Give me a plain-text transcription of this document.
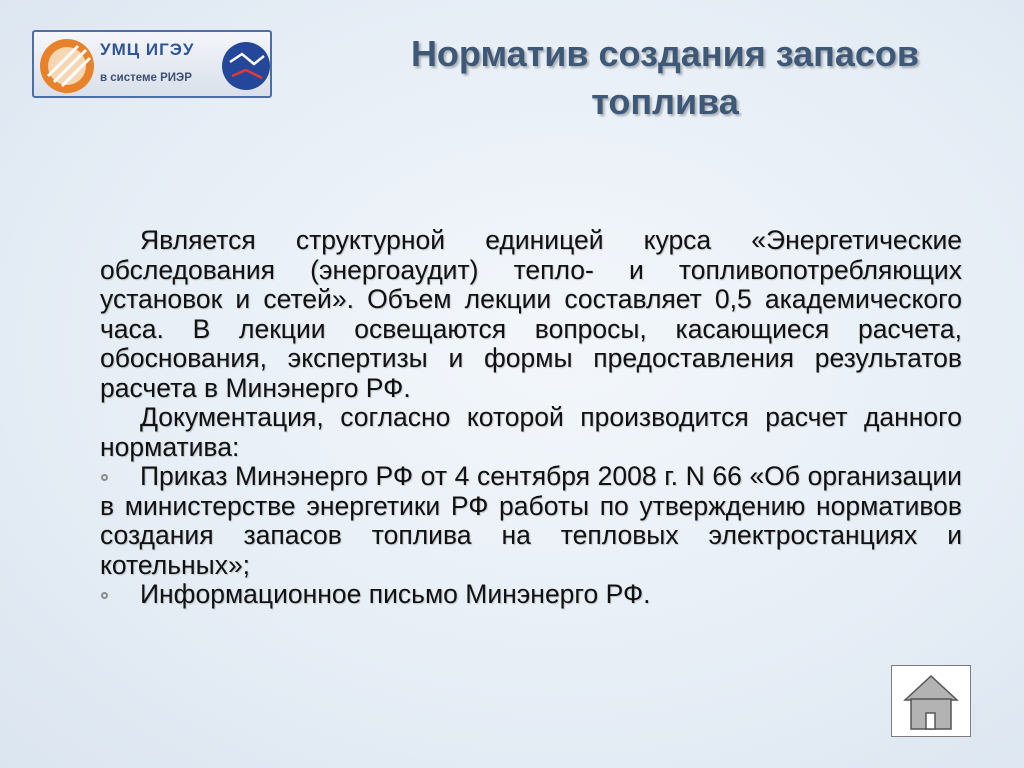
УМЦ ИГЭУ
в системе РИЭР
Норматив создания запасов
топлива

Является структурной единицей курса «Энергетические обследования (энергоаудит) тепло- и топливопотребляющих установок и сетей». Объем лекции составляет 0,5 академического часа. В лекции освещаются вопросы, касающиеся расчета, обоснования, экспертизы и формы предоставления результатов расчета в Минэнерго РФ.

Документация, согласно которой производится расчет данного норматива:

Приказ Минэнерго РФ от 4 сентября 2008 г. N 66 «Об организации в министерстве энергетики РФ работы по утверждению нормативов создания запасов топлива на тепловых электростанциях и котельных»;

Информационное письмо Минэнерго РФ.
